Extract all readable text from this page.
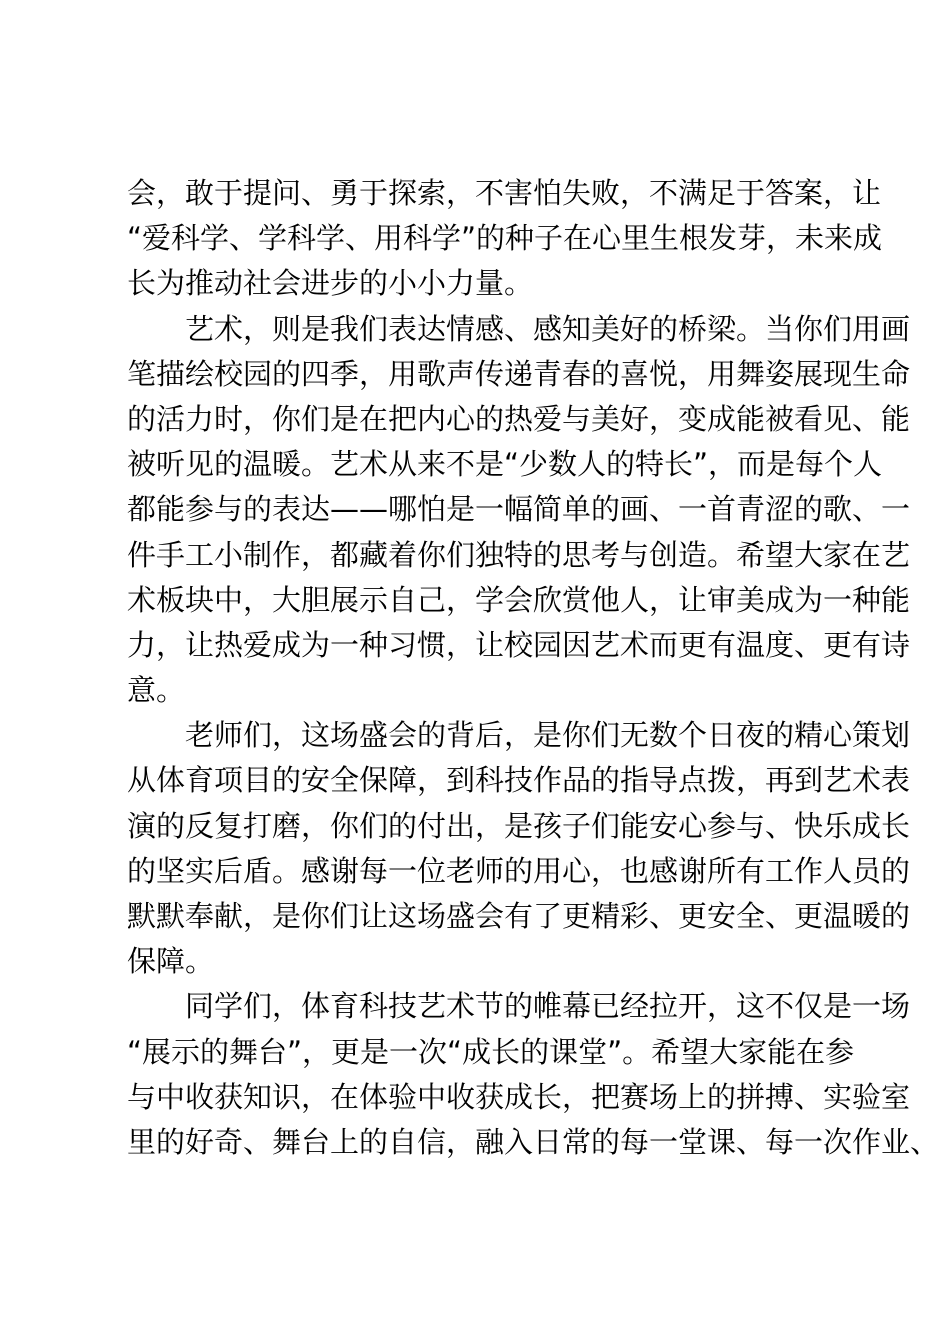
会，敢于提问、勇于探索，不害怕失败，不满足于答案，让
“爱科学、学科学、用科学”的种子在心里生根发芽，未来成
长为推动社会进步的小小力量。
　　艺术，则是我们表达情感、感知美好的桥梁。当你们用画
笔描绘校园的四季，用歌声传递青春的喜悦，用舞姿展现生命
的活力时，你们是在把内心的热爱与美好，变成能被看见、能
被听见的温暖。艺术从来不是“少数人的特长”，而是每个人
都能参与的表达——哪怕是一幅简单的画、一首青涩的歌、一
件手工小制作，都藏着你们独特的思考与创造。希望大家在艺
术板块中，大胆展示自己，学会欣赏他人，让审美成为一种能
力，让热爱成为一种习惯，让校园因艺术而更有温度、更有诗
意。
　　老师们，这场盛会的背后，是你们无数个日夜的精心策划
从体育项目的安全保障，到科技作品的指导点拨，再到艺术表
演的反复打磨，你们的付出，是孩子们能安心参与、快乐成长
的坚实后盾。感谢每一位老师的用心，也感谢所有工作人员的
默默奉献，是你们让这场盛会有了更精彩、更安全、更温暖的
保障。
　　同学们，体育科技艺术节的帷幕已经拉开，这不仅是一场
“展示的舞台”，更是一次“成长的课堂”。希望大家能在参
与中收获知识，在体验中收获成长，把赛场上的拼搏、实验室
里的好奇、舞台上的自信，融入日常的每一堂课、每一次作业、
